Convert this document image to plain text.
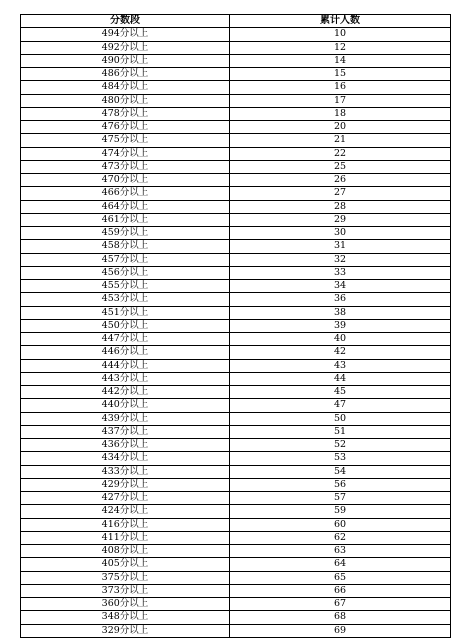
分数段	累计人数
494分以上	10
492分以上	12
490分以上	14
486分以上	15
484分以上	16
480分以上	17
478分以上	18
476分以上	20
475分以上	21
474分以上	22
473分以上	25
470分以上	26
466分以上	27
464分以上	28
461分以上	29
459分以上	30
458分以上	31
457分以上	32
456分以上	33
455分以上	34
453分以上	36
451分以上	38
450分以上	39
447分以上	40
446分以上	42
444分以上	43
443分以上	44
442分以上	45
440分以上	47
439分以上	50
437分以上	51
436分以上	52
434分以上	53
433分以上	54
429分以上	56
427分以上	57
424分以上	59
416分以上	60
411分以上	62
408分以上	63
405分以上	64
375分以上	65
373分以上	66
360分以上	67
348分以上	68
329分以上	69
